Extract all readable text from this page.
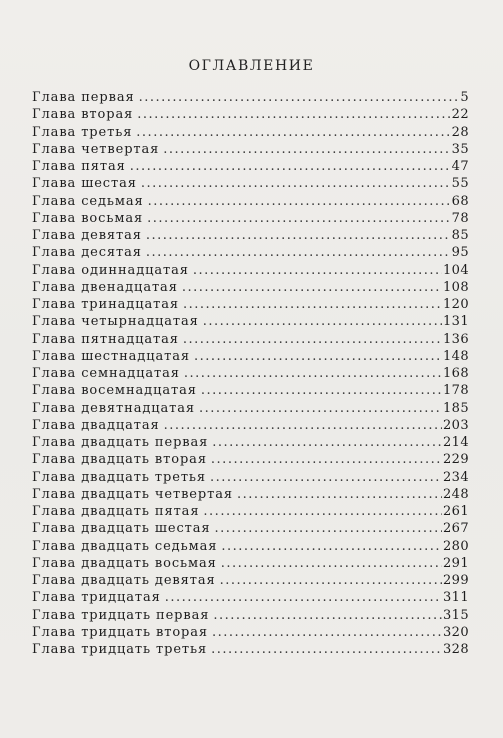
ОГЛАВЛЕНИЕ
Глава первая .....	5
Глава вторая .....	22
Глава третья .....	28
Глава четвертая .....	35
Глава пятая .....	47
Глава шестая .....	55
Глава седьмая .....	68
Глава восьмая .....	78
Глава девятая .....	85
Глава десятая .....	95
Глава одиннадцатая .....	104
Глава двенадцатая .....	108
Глава тринадцатая .....	120
Глава четырнадцатая .....	131
Глава пятнадцатая .....	136
Глава шестнадцатая .....	148
Глава семнадцатая .....	168
Глава восемнадцатая .....	178
Глава девятнадцатая .....	185
Глава двадцатая .....	203
Глава двадцать первая .....	214
Глава двадцать вторая .....	229
Глава двадцать третья .....	234
Глава двадцать четвертая .....	248
Глава двадцать пятая .....	261
Глава двадцать шестая .....	267
Глава двадцать седьмая .....	280
Глава двадцать восьмая .....	291
Глава двадцать девятая .....	299
Глава тридцатая .....	311
Глава тридцать первая .....	315
Глава тридцать вторая .....	320
Глава тридцать третья .....	328
